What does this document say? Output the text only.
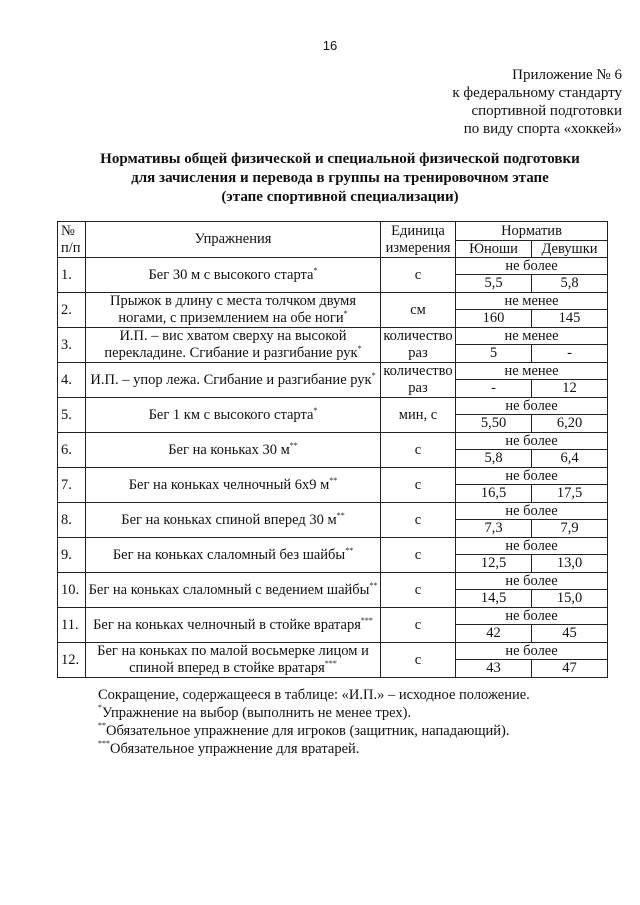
16
Приложение № 6
к федеральному стандарту
спортивной подготовки
по виду спорта «хоккей»
Нормативы общей физической и специальной физической подготовки
для зачисления и перевода в группы на тренировочном этапе
(этапе спортивной специализации)
№ п/п	Упражнения	Единица измерения	Норматив	
			Юноши	Девушки
1.	Бег 30 м с высокого старта*	с	не более	
			5,5	5,8
2.	Прыжок в длину с места толчком двумя ногами, с приземлением на обе ноги*	см	не менее	
			160	145
3.	И.П. – вис хватом сверху на высокой перекладине. Сгибание и разгибание рук*	количество раз	не менее	
			5	-
4.	И.П. – упор лежа. Сгибание и разгибание рук*	количество раз	не менее	
			-	12
5.	Бег 1 км с высокого старта*	мин, с	не более	
			5,50	6,20
6.	Бег на коньках 30 м**	с	не более	
			5,8	6,4
7.	Бег на коньках челночный 6х9 м**	с	не более	
			16,5	17,5
8.	Бег на коньках спиной вперед 30 м**	с	не более	
			7,3	7,9
9.	Бег на коньках слаломный без шайбы**	с	не более	
			12,5	13,0
10.	Бег на коньках слаломный с ведением шайбы**	с	не более	
			14,5	15,0
11.	Бег на коньках челночный в стойке вратаря***	с	не более	
			42	45
12.	Бег на коньках по малой восьмерке лицом и спиной вперед в стойке вратаря***	с	не более	
			43	47
Сокращение, содержащееся в таблице: «И.П.» – исходное положение.
*Упражнение на выбор (выполнить не менее трех).
**Обязательное упражнение для игроков (защитник, нападающий).
***Обязательное упражнение для вратарей.
